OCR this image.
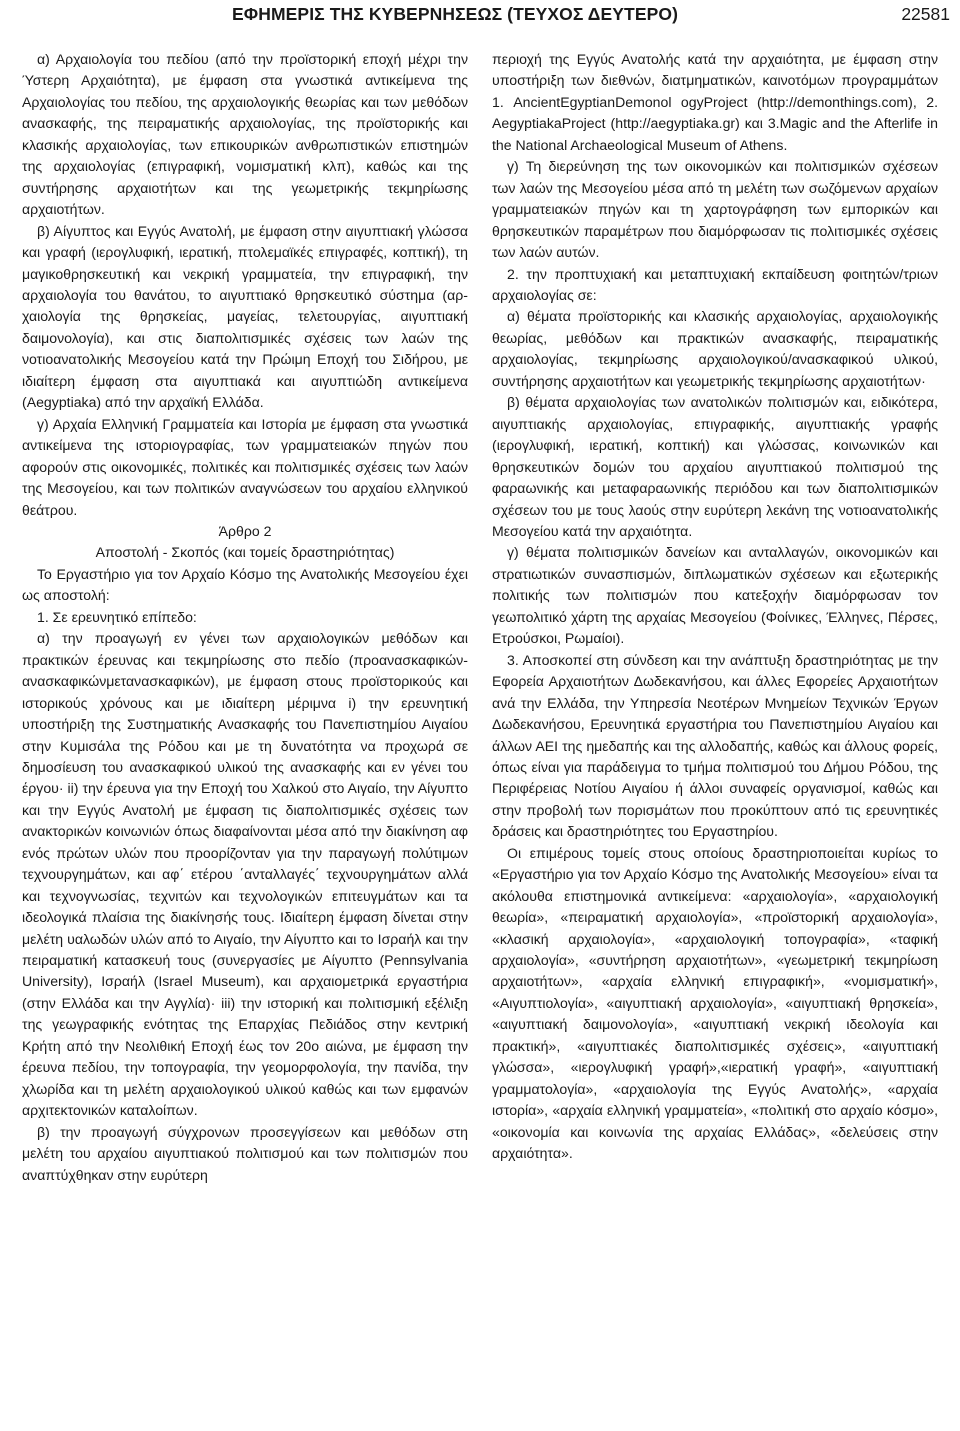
ΕΦΗΜΕΡΙΣ ΤΗΣ ΚΥΒΕΡΝΗΣΕΩΣ (ΤΕΥΧΟΣ ΔΕΥΤΕΡΟ)	22581

α) Αρχαιολογία του πεδίου (από την προϊστορική εποχή μέχρι την Ύστερη Αρχαιότητα), με έμφαση στα γνωστικά αντικείμενα της Αρχαιολογίας του πεδίου, της αρχαιολογικής θεωρίας και των μεθόδων ανασκαφής, της πειραματικής αρχαιολογίας, της προϊστορικής και κλασικής αρχαιολογίας, των επικουρικών ανθρωπιστικών επιστημών της αρχαιολογίας (επιγραφική, νομισματική κλπ), καθώς και της συντήρησης αρχαιοτήτων και της γεωμετρικής τεκμηρίωσης αρχαιοτήτων.

β) Αίγυπτος και Εγγύς Ανατολή, με έμφαση στην αιγυπτιακή γλώσσα και γραφή (ιερογλυφική, ιερατική, πτολεμαϊκές επιγραφές, κοπτική), τη μαγικοθρησκευτική και νεκρική γραμματεία, την επιγραφική, την αρχαιολογία του θανάτου, το αιγυπτιακό θρησκευτικό σύστημα (αρχαιολογία της θρησκείας, μαγείας, τελετουργίας, αιγυπτιακή δαιμονολογία), και στις διαπολιτισμικές σχέσεις των λαών της νοτιοανατολικής Μεσογείου κατά την Πρώιμη Εποχή του Σιδήρου, με ιδιαίτερη έμφαση στα αιγυπτιακά και αιγυπτιώδη αντικείμενα (Aegyptiaka) από την αρχαϊκή Ελλάδα.

γ) Αρχαία Ελληνική Γραμματεία και Ιστορία με έμφαση στα γνωστικά αντικείμενα της ιστοριογραφίας, των γραμματειακών πηγών που αφορούν στις οικονομικές, πολιτικές και πολιτισμικές σχέσεις των λαών της Μεσογείου, και των πολιτικών αναγνώσεων του αρχαίου ελληνικού θεάτρου.

Άρθρο 2

Αποστολή - Σκοπός (και τομείς δραστηριότητας)

Το Εργαστήριο για τον Αρχαίο Κόσμο της Ανατολικής Μεσογείου έχει ως αποστολή:

1. Σε ερευνητικό επίπεδο:

α) την προαγωγή εν γένει των αρχαιολογικών μεθόδων και πρακτικών έρευνας και τεκμηρίωσης στο πεδίο (προανασκαφικώνανασκαφικώνμετανασκαφικών), με έμφαση στους προϊστορικούς και ιστορικούς χρόνους και με ιδιαίτερη μέριμνα i) την ερευνητική υποστήριξη της Συστηματικής Ανασκαφής του Πανεπιστημίου Αιγαίου στην Κυμισάλα της Ρόδου και με τη δυνατότητα να προχωρά σε δημοσίευση του ανασκαφικού υλικού της ανασκαφής και εν γένει του έργου· ii) την έρευνα για την Εποχή του Χαλκού στο Αιγαίο, την Αίγυπτο και την Εγγύς Ανατολή με έμφαση τις διαπολιτισμικές σχέσεις των ανακτορικών κοινωνιών όπως διαφαίνονται μέσα από την διακίνηση αφ ενός πρώτων υλών που προορίζονταν για την παραγωγή πολύτιμων τεχνουργημάτων, και αφ΄ ετέρου ΄ανταλλαγές΄ τεχνουργημάτων αλλά και τεχνογνωσίας, τεχνιτών και τεχνολογικών επιτευγμάτων και τα ιδεολογικά πλαίσια της διακίνησής τους. Ιδιαίτερη έμφαση δίνεται στην μελέτη υαλωδών υλών από το Αιγαίο, την Αίγυπτο και το Ισραήλ και την πειραματική κατασκευή τους (συνεργασίες με Αίγυπτο (Pennsylvania University), Ισραήλ (Israel Museum), και αρχαιομετρικά εργαστήρια (στην Ελλάδα και την Αγγλία)· iii) την ιστορική και πολιτισμική εξέλιξη της γεωγραφικής ενότητας της Επαρχίας Πεδιάδος στην κεντρική Κρήτη από την Νεολιθική Εποχή έως τον 20ο αιώνα, με έμφαση την έρευνα πεδίου, την τοπογραφία, την γεομορφολογία, την πανίδα, την χλωρίδα και τη μελέτη αρχαιολογικού υλικού καθώς και των εμφανών αρχιτεκτονικών καταλοίπων.

β) την προαγωγή σύγχρονων προσεγγίσεων και μεθόδων στη μελέτη του αρχαίου αιγυπτιακού πολιτισμού και των πολιτισμών που αναπτύχθηκαν στην ευρύτερη

περιοχή της Εγγύς Ανατολής κατά την αρχαιότητα, με έμφαση στην υποστήριξη των διεθνών, διατμηματικών, καινοτόμων προγραμμάτων 1. AncientEgyptianDemonol ogyProject (http://demonthings.com), 2. AegyptiakaProject (http://aegyptiaka.gr) και 3.Magic and the Afterlife in the National Archaeological Museum of Athens.

γ) Τη διερεύνηση της των οικονομικών και πολιτισμικών σχέσεων των λαών της Μεσογείου μέσα από τη μελέτη των σωζόμενων αρχαίων γραμματειακών πηγών και τη χαρτογράφηση των εμπορικών και θρησκευτικών παραμέτρων που διαμόρφωσαν τις πολιτισμικές σχέσεις των λαών αυτών.

2. την προπτυχιακή και μεταπτυχιακή εκπαίδευση φοιτητών/τριων αρχαιολογίας σε:

α) θέματα προϊστορικής και κλασικής αρχαιολογίας, αρχαιολογικής θεωρίας, μεθόδων και πρακτικών ανασκαφής, πειραματικής αρχαιολογίας, τεκμηρίωσης αρχαιολογικού/ανασκαφικού υλικού, συντήρησης αρχαιοτήτων και γεωμετρικής τεκμηρίωσης αρχαιοτήτων·

β) θέματα αρχαιολογίας των ανατολικών πολιτισμών και, ειδικότερα, αιγυπτιακής αρχαιολογίας, επιγραφικής, αιγυπτιακής γραφής (ιερογλυφική, ιερατική, κοπτική) και γλώσσας, κοινωνικών και θρησκευτικών δομών του αρχαίου αιγυπτιακού πολιτισμού της φαραωνικής και μεταφαραωνικής περιόδου και των διαπολιτισμικών σχέσεων του με τους λαούς στην ευρύτερη λεκάνη της νοτιοανατολικής Μεσογείου κατά την αρχαιότητα.

γ) θέματα πολιτισμικών δανείων και ανταλλαγών, οικονομικών και στρατιωτικών συνασπισμών, διπλωματικών σχέσεων και εξωτερικής πολιτικής των πολιτισμών που κατεξοχήν διαμόρφωσαν τον γεωπολιτικό χάρτη της αρχαίας Μεσογείου (Φοίνικες, Έλληνες, Πέρσες, Ετρούσκοι, Ρωμαίοι).

3. Αποσκοπεί στη σύνδεση και την ανάπτυξη δραστηριότητας με την Εφορεία Αρχαιοτήτων Δωδεκανήσου, και άλλες Εφορείες Αρχαιοτήτων ανά την Ελλάδα, την Υπηρεσία Νεοτέρων Μνημείων Τεχνικών Έργων Δωδεκανήσου, Ερευνητικά εργαστήρια του Πανεπιστημίου Αιγαίου και άλλων ΑΕΙ της ημεδαπής και της αλλοδαπής, καθώς και άλλους φορείς, όπως είναι για παράδειγμα το τμήμα πολιτισμού του Δήμου Ρόδου, της Περιφέρειας Νοτίου Αιγαίου ή άλλοι συναφείς οργανισμοί, καθώς και στην προβολή των πορισμάτων που προκύπτουν από τις ερευνητικές δράσεις και δραστηριότητες του Εργαστηρίου.

Οι επιμέρους τομείς στους οποίους δραστηριοποιείται κυρίως το «Εργαστήριο για τον Αρχαίο Κόσμο της Ανατολικής Μεσογείου» είναι τα ακόλουθα επιστημονικά αντικείμενα: «αρχαιολογία», «αρχαιολογική θεωρία», «πειραματική αρχαιολογία», «προϊστορική αρχαιολογία», «κλασική αρχαιολογία», «αρχαιολογική τοπογραφία», «ταφική αρχαιολογία», «συντήρηση αρχαιοτήτων», «γεωμετρική τεκμηρίωση αρχαιοτήτων», «αρχαία ελληνική επιγραφική», «νομισματική», «Αιγυπτιολογία», «αιγυπτιακή αρχαιολογία», «αιγυπτιακή θρησκεία», «αιγυπτιακή δαιμονολογία», «αιγυπτιακή νεκρική ιδεολογία και πρακτική», «αιγυπτιακές διαπολιτισμικές σχέσεις», «αιγυπτιακή γλώσσα», «ιερογλυφική γραφή»,«ιερατική γραφή», «αιγυπτιακή γραμματολογία», «αρχαιολογία της Εγγύς Ανατολής», «αρχαία ιστορία», «αρχαία ελληνική γραμματεία», «πολιτική στο αρχαίο κόσμο», «οικονομία και κοινωνία της αρχαίας Ελλάδας», «δελεύσεις στην αρχαιότητα».
